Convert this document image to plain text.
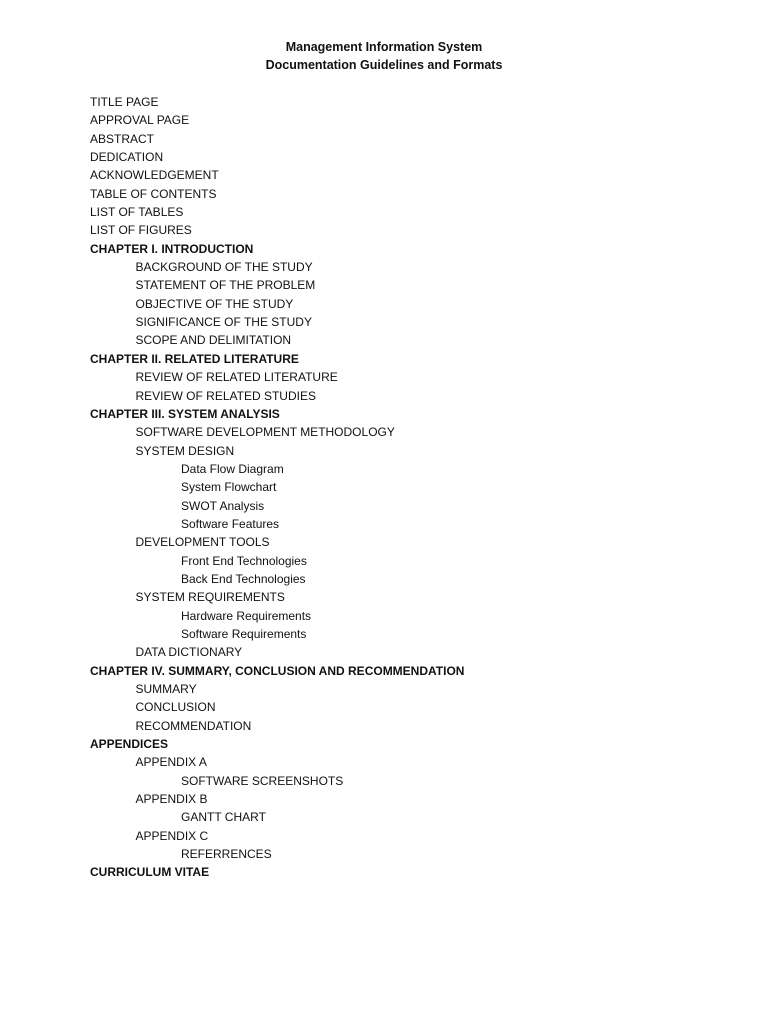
Management Information System

Documentation Guidelines and Formats

TITLE PAGE
APPROVAL PAGE
ABSTRACT
DEDICATION
ACKNOWLEDGEMENT
TABLE OF CONTENTS
LIST OF TABLES
LIST OF FIGURES
CHAPTER I. INTRODUCTION
BACKGROUND OF THE STUDY
STATEMENT OF THE PROBLEM
OBJECTIVE OF THE STUDY
SIGNIFICANCE OF THE STUDY
SCOPE AND DELIMITATION
CHAPTER II. RELATED LITERATURE
REVIEW OF RELATED LITERATURE
REVIEW OF RELATED STUDIES
CHAPTER III. SYSTEM ANALYSIS
SOFTWARE DEVELOPMENT METHODOLOGY
SYSTEM DESIGN
Data Flow Diagram
System Flowchart
SWOT Analysis
Software Features
DEVELOPMENT TOOLS
Front End Technologies
Back End Technologies
SYSTEM REQUIREMENTS
Hardware Requirements
Software Requirements
DATA DICTIONARY
CHAPTER IV. SUMMARY, CONCLUSION AND RECOMMENDATION
SUMMARY
CONCLUSION
RECOMMENDATION
APPENDICES
APPENDIX A
SOFTWARE SCREENSHOTS
APPENDIX B
GANTT CHART
APPENDIX C
REFERRENCES
CURRICULUM VITAE
